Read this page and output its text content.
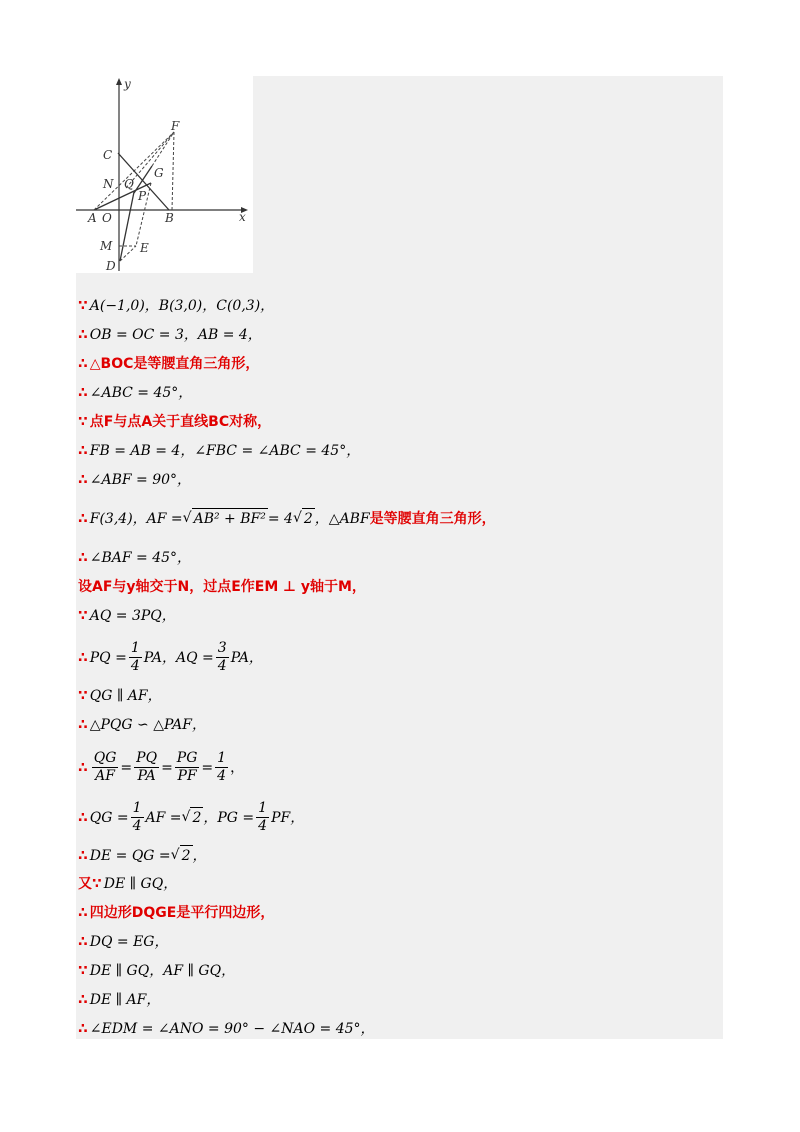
y
x
F
C
N Q
G
P
A O	B
M E
D
∵ A(−1,0)，B(3,0)，C(0,3)，
∴ OB = OC = 3，AB = 4，
∴ △BOC是等腰直角三角形，
∴ ∠ABC = 45°，
∵ 点F与点A关于直线BC对称，
∴ FB = AB = 4，∠FBC = ∠ABC = 45°，
∴ ∠ABF = 90°，
∴ F(3,4)，AF = √ AB² + BF² = 4 √ 2 ，△ABF 是等腰直角三角形，
∴ ∠BAF = 45°，
设AF与y轴交于N，过点E作EM ⊥ y轴于M，
∵ AQ = 3PQ，
∴ PQ = $\frac{1}{4}$ PA，AQ = $\frac{3}{4}$ PA，
∵ QG ∥ AF，
∴ △PQG ∽ △PAF，
∴ $\frac{QG}{AF} = \frac{PQ}{PA} = \frac{PG}{PF} = \frac{1}{4}$ ，
∴ QG = $\frac{1}{4}$ AF = √ 2 ，PG = $\frac{1}{4}$ PF，
∴ DE = QG = √ 2 ，
又∵ DE ∥ GQ，
∴ 四边形DQGE是平行四边形，
∴ DQ = EG，
∵ DE ∥ GQ，AF ∥ GQ，
∴ DE ∥ AF，
∴ ∠EDM = ∠ANO = 90° − ∠NAO = 45°，
